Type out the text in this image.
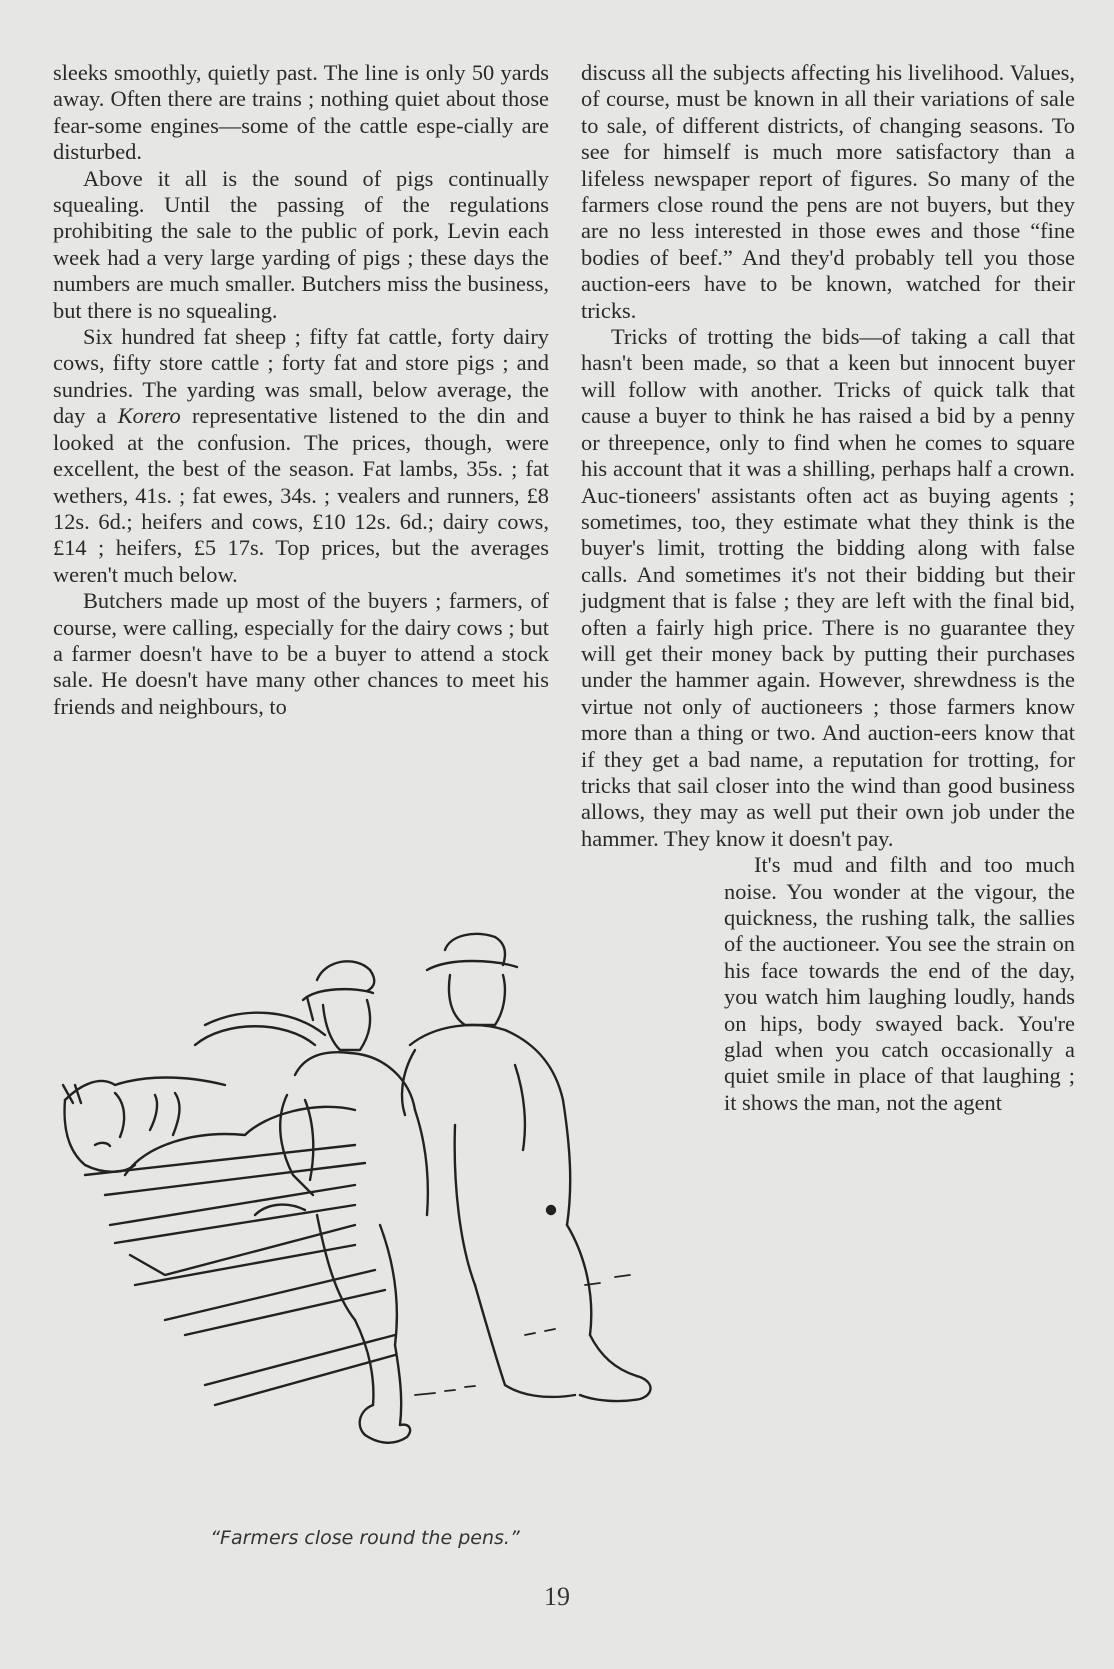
sleeks smoothly, quietly past. The line is only 50 yards away. Often there are trains ; nothing quiet about those fear-some engines—some of the cattle espe-cially are disturbed.

Above it all is the sound of pigs continually squealing. Until the passing of the regulations prohibiting the sale to the public of pork, Levin each week had a very large yarding of pigs ; these days the numbers are much smaller. Butchers miss the business, but there is no squealing.

Six hundred fat sheep ; fifty fat cattle, forty dairy cows, fifty store cattle ; forty fat and store pigs ; and sundries. The yarding was small, below average, the day a Korero representative listened to the din and looked at the confusion. The prices, though, were excellent, the best of the season. Fat lambs, 35s. ; fat wethers, 41s. ; fat ewes, 34s. ; vealers and runners, £8 12s. 6d.; heifers and cows, £10 12s. 6d.; dairy cows, £14 ; heifers, £5 17s. Top prices, but the averages weren't much below.

Butchers made up most of the buyers ; farmers, of course, were calling, especially for the dairy cows ; but a farmer doesn't have to be a buyer to attend a stock sale. He doesn't have many other chances to meet his friends and neighbours, to

discuss all the subjects affecting his livelihood. Values, of course, must be known in all their variations of sale to sale, of different districts, of changing seasons. To see for himself is much more satisfactory than a lifeless newspaper report of figures. So many of the farmers close round the pens are not buyers, but they are no less interested in those ewes and those “fine bodies of beef.” And they'd probably tell you those auction-eers have to be known, watched for their tricks.

Tricks of trotting the bids—of taking a call that hasn't been made, so that a keen but innocent buyer will follow with another. Tricks of quick talk that cause a buyer to think he has raised a bid by a penny or threepence, only to find when he comes to square his account that it was a shilling, perhaps half a crown. Auc-tioneers' assistants often act as buying agents ; sometimes, too, they estimate what they think is the buyer's limit, trotting the bidding along with false calls. And sometimes it's not their bidding but their judgment that is false ; they are left with the final bid, often a fairly high price. There is no guarantee they will get their money back by putting their purchases under the hammer again. However, shrewdness is the virtue not only of auctioneers ; those farmers know more than a thing or two. And auction-eers know that if they get a bad name, a reputation for trotting, for tricks that sail closer into the wind than good business allows, they may as well put their own job under the hammer. They know it doesn't pay.

It's mud and filth and too much noise. You wonder at the vigour, the quickness, the rushing talk, the sallies of the auctioneer. You see the strain on his face towards the end of the day, you watch him laughing loudly, hands on hips, body swayed back. You're glad when you catch occasionally a quiet smile in place of that laughing ; it shows the man, not the agent

“Farmers close round the pens.”
19
